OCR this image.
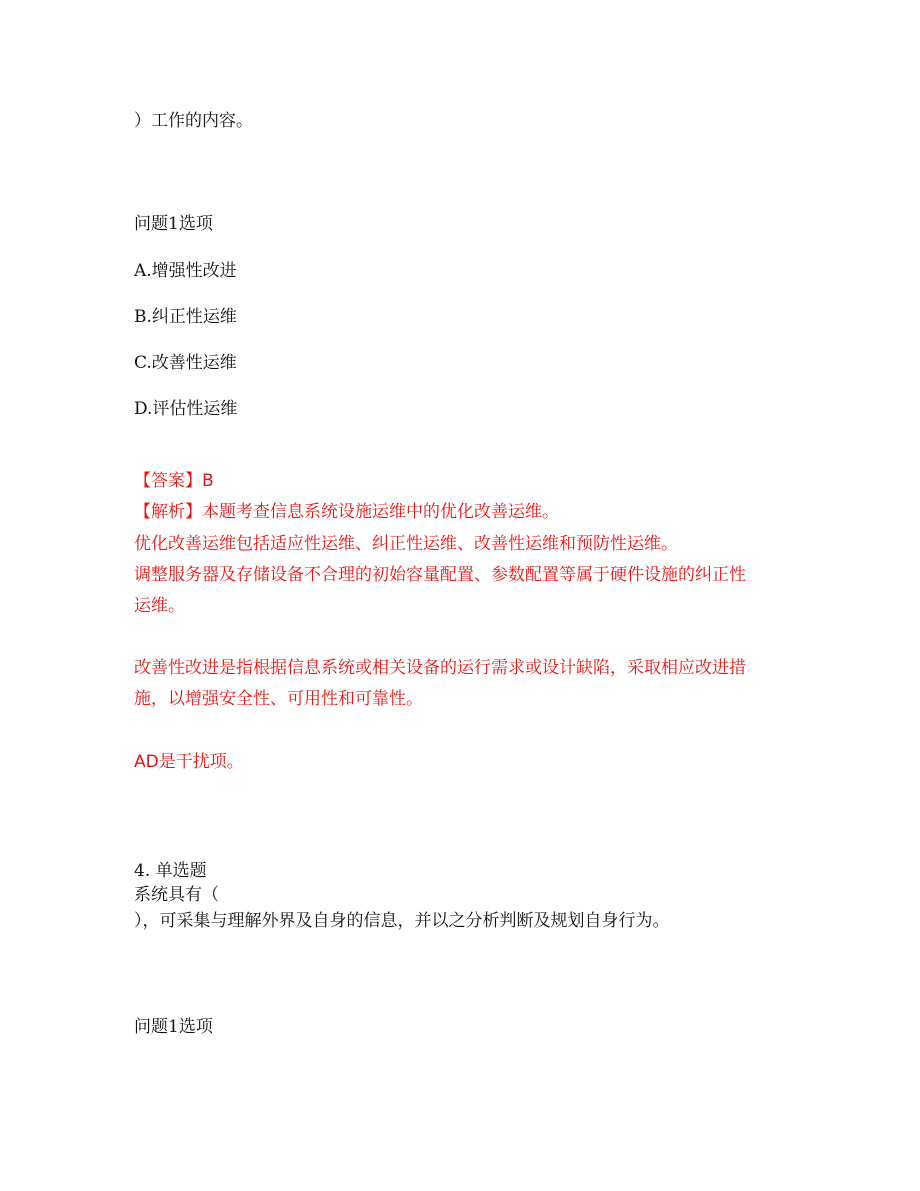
）工作的内容。

问题1选项

A.增强性改进

B.纠正性运维

C.改善性运维

D.评估性运维

【答案】B

【解析】本题考查信息系统设施运维中的优化改善运维。

优化改善运维包括适应性运维、纠正性运维、改善性运维和预防性运维。

调整服务器及存储设备不合理的初始容量配置、参数配置等属于硬件设施的纠正性

运维。

改善性改进是指根据信息系统或相关设备的运行需求或设计缺陷，采取相应改进措

施，以增强安全性、可用性和可靠性。

AD是干扰项。

4. 单选题

系统具有（

），可采集与理解外界及自身的信息，并以之分析判断及规划自身行为。

问题1选项
